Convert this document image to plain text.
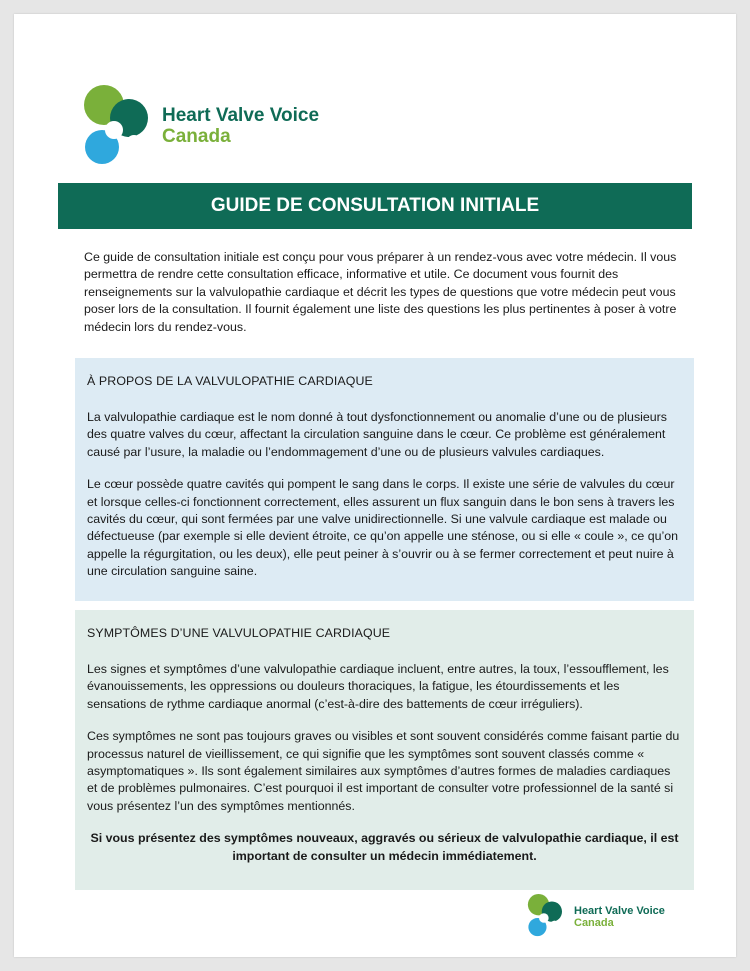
Heart Valve Voice
Canada
GUIDE DE CONSULTATION INITIALE
Ce guide de consultation initiale est conçu pour vous préparer à un rendez-vous avec votre médecin. Il vous permettra de rendre cette consultation efficace, informative et utile. Ce document vous fournit des renseignements sur la valvulopathie cardiaque et décrit les types de questions que votre médecin peut vous poser lors de la consultation. Il fournit également une liste des questions les plus pertinentes à poser à votre médecin lors du rendez-vous.
À PROPOS DE LA VALVULOPATHIE CARDIAQUE

La valvulopathie cardiaque est le nom donné à tout dysfonctionnement ou anomalie d’une ou de plusieurs des quatre valves du cœur, affectant la circulation sanguine dans le cœur. Ce problème est généralement causé par l’usure, la maladie ou l’endommagement d’une ou de plusieurs valvules cardiaques.

Le cœur possède quatre cavités qui pompent le sang dans le corps. Il existe une série de valvules du cœur et lorsque celles-ci fonctionnent correctement, elles assurent un flux sanguin dans le bon sens à travers les cavités du cœur, qui sont fermées par une valve unidirectionnelle. Si une valvule cardiaque est malade ou défectueuse (par exemple si elle devient étroite, ce qu’on appelle une sténose, ou si elle « coule », ce qu’on appelle la régurgitation, ou les deux), elle peut peiner à s’ouvrir ou à se fermer correctement et peut nuire à une circulation sanguine saine.

SYMPTÔMES D’UNE VALVULOPATHIE CARDIAQUE

Les signes et symptômes d’une valvulopathie cardiaque incluent, entre autres, la toux, l’essoufflement, les évanouissements, les oppressions ou douleurs thoraciques, la fatigue, les étourdissements et les sensations de rythme cardiaque anormal (c’est-à-dire des battements de cœur irréguliers).

Ces symptômes ne sont pas toujours graves ou visibles et sont souvent considérés comme faisant partie du processus naturel de vieillissement, ce qui signifie que les symptômes sont souvent classés comme « asymptomatiques ». Ils sont également similaires aux symptômes d’autres formes de maladies cardiaques et de problèmes pulmonaires. C’est pourquoi il est important de consulter votre professionnel de la santé si vous présentez l’un des symptômes mentionnés.

Si vous présentez des symptômes nouveaux, aggravés ou sérieux de valvulopathie cardiaque, il est important de consulter un médecin immédiatement.

Heart Valve Voice
Canada
